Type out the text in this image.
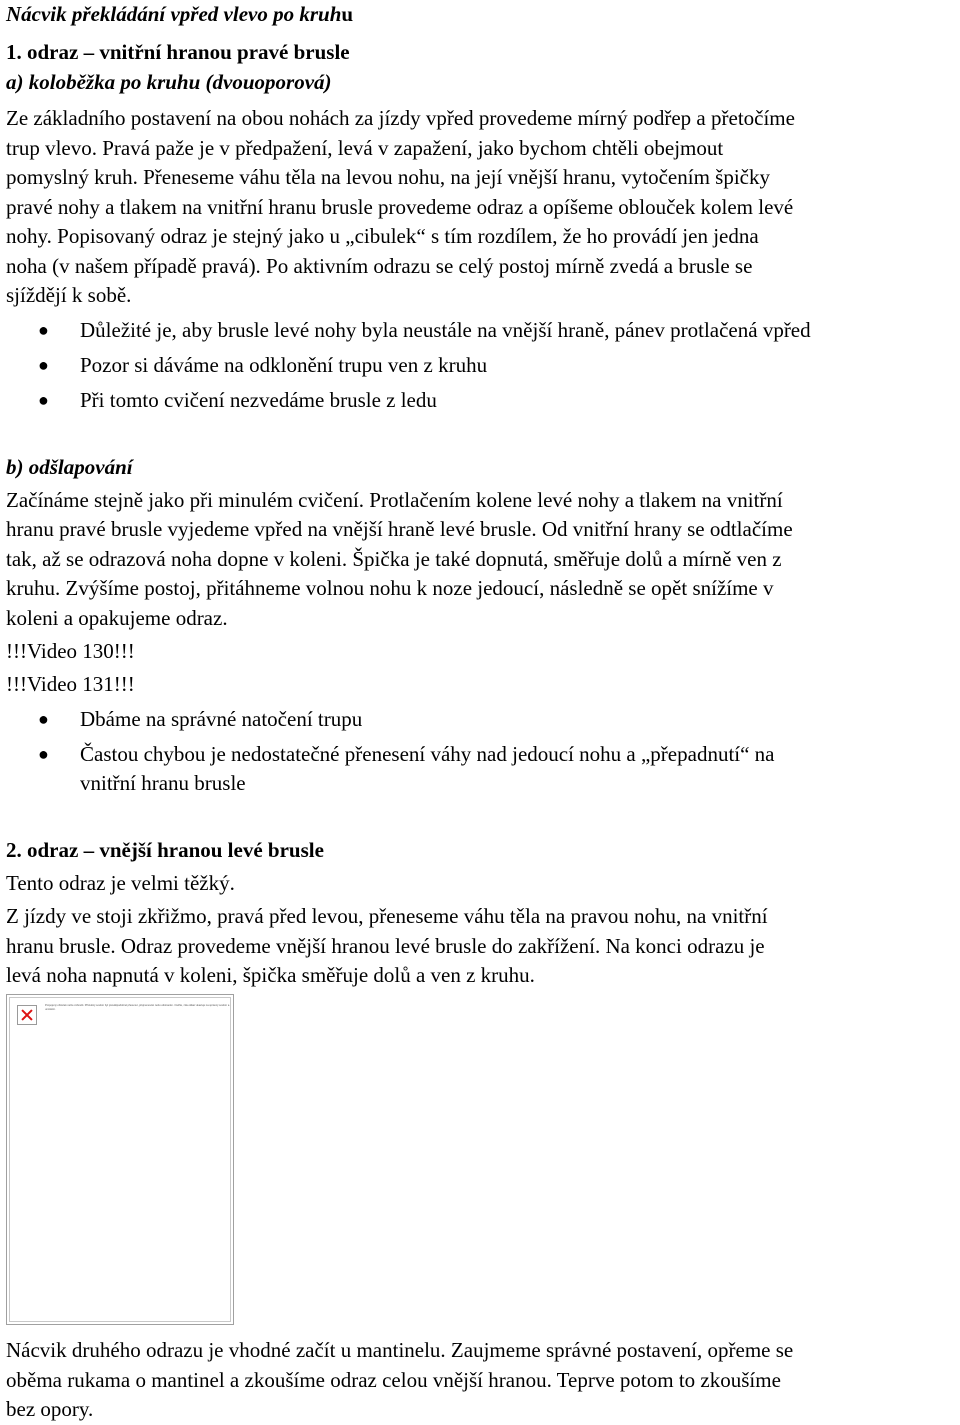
Nácvik překládání vpřed vlevo po kruhu
1. odraz – vnitřní hranou pravé brusle
a) koloběžka po kruhu (dvouoporová)
Ze základního postavení na obou nohách za jízdy vpřed provedeme mírný podřep a přetočíme
trup vlevo. Pravá paže je v předpažení, levá v zapažení, jako bychom chtěli obejmout
pomyslný kruh. Přeneseme váhu těla na levou nohu, na její vnější hranu, vytočením špičky
pravé nohy a tlakem na vnitřní hranu brusle provedeme odraz a opíšeme oblouček kolem levé
nohy. Popisovaný odraz je stejný jako u „cibulek“ s tím rozdílem, že ho provádí jen jedna
noha (v našem případě pravá). Po aktivním odrazu se celý postoj mírně zvedá a brusle se
sjíždějí k sobě.
● Důležité je, aby brusle levé nohy byla neustále na vnější hraně, pánev protlačená vpřed
● Pozor si dáváme na odklonění trupu ven z kruhu
● Při tomto cvičení nezvedáme brusle z ledu
b) odšlapování
Začínáme stejně jako při minulém cvičení. Protlačením kolene levé nohy a tlakem na vnitřní
hranu pravé brusle vyjedeme vpřed na vnější hraně levé brusle. Od vnitřní hrany se odtlačíme
tak, až se odrazová noha dopne v koleni. Špička je také dopnutá, směřuje dolů a mírně ven z
kruhu. Zvýšíme postoj, přitáhneme volnou nohu k noze jedoucí, následně se opět snížíme v
koleni a opakujeme odraz.
!!!Video 130!!!
!!!Video 131!!!
● Dbáme na správné natočení trupu
● Častou chybou je nedostatečné přenesení váhy nad jedoucí nohu a „přepadnutí“ na
vnitřní hranu brusle
2. odraz – vnější hranou levé brusle
Tento odraz je velmi těžký.
Z jízdy ve stoji zkřižmo, pravá před levou, přeneseme váhu těla na pravou nohu, na vnitřní
hranu brusle. Odraz provedeme vnější hranou levé brusle do zakřížení. Na konci odrazu je
levá noha napnutá v koleni, špička směřuje dolů a ven z kruhu.
Nácvik druhého odrazu je vhodné začít u mantinelu. Zaujmeme správné postavení, opřeme se
oběma rukama o mantinel a zkoušíme odraz celou vnější hranou. Teprve potom to zkoušíme
bez opory.
Propojený obrázek nelze zobrazit. Příslušný soubor byl pravděpodobně přesunut, přejmenován nebo odstraněn. Ověřte, zda odkaz ukazuje na správný soubor a umístění.
